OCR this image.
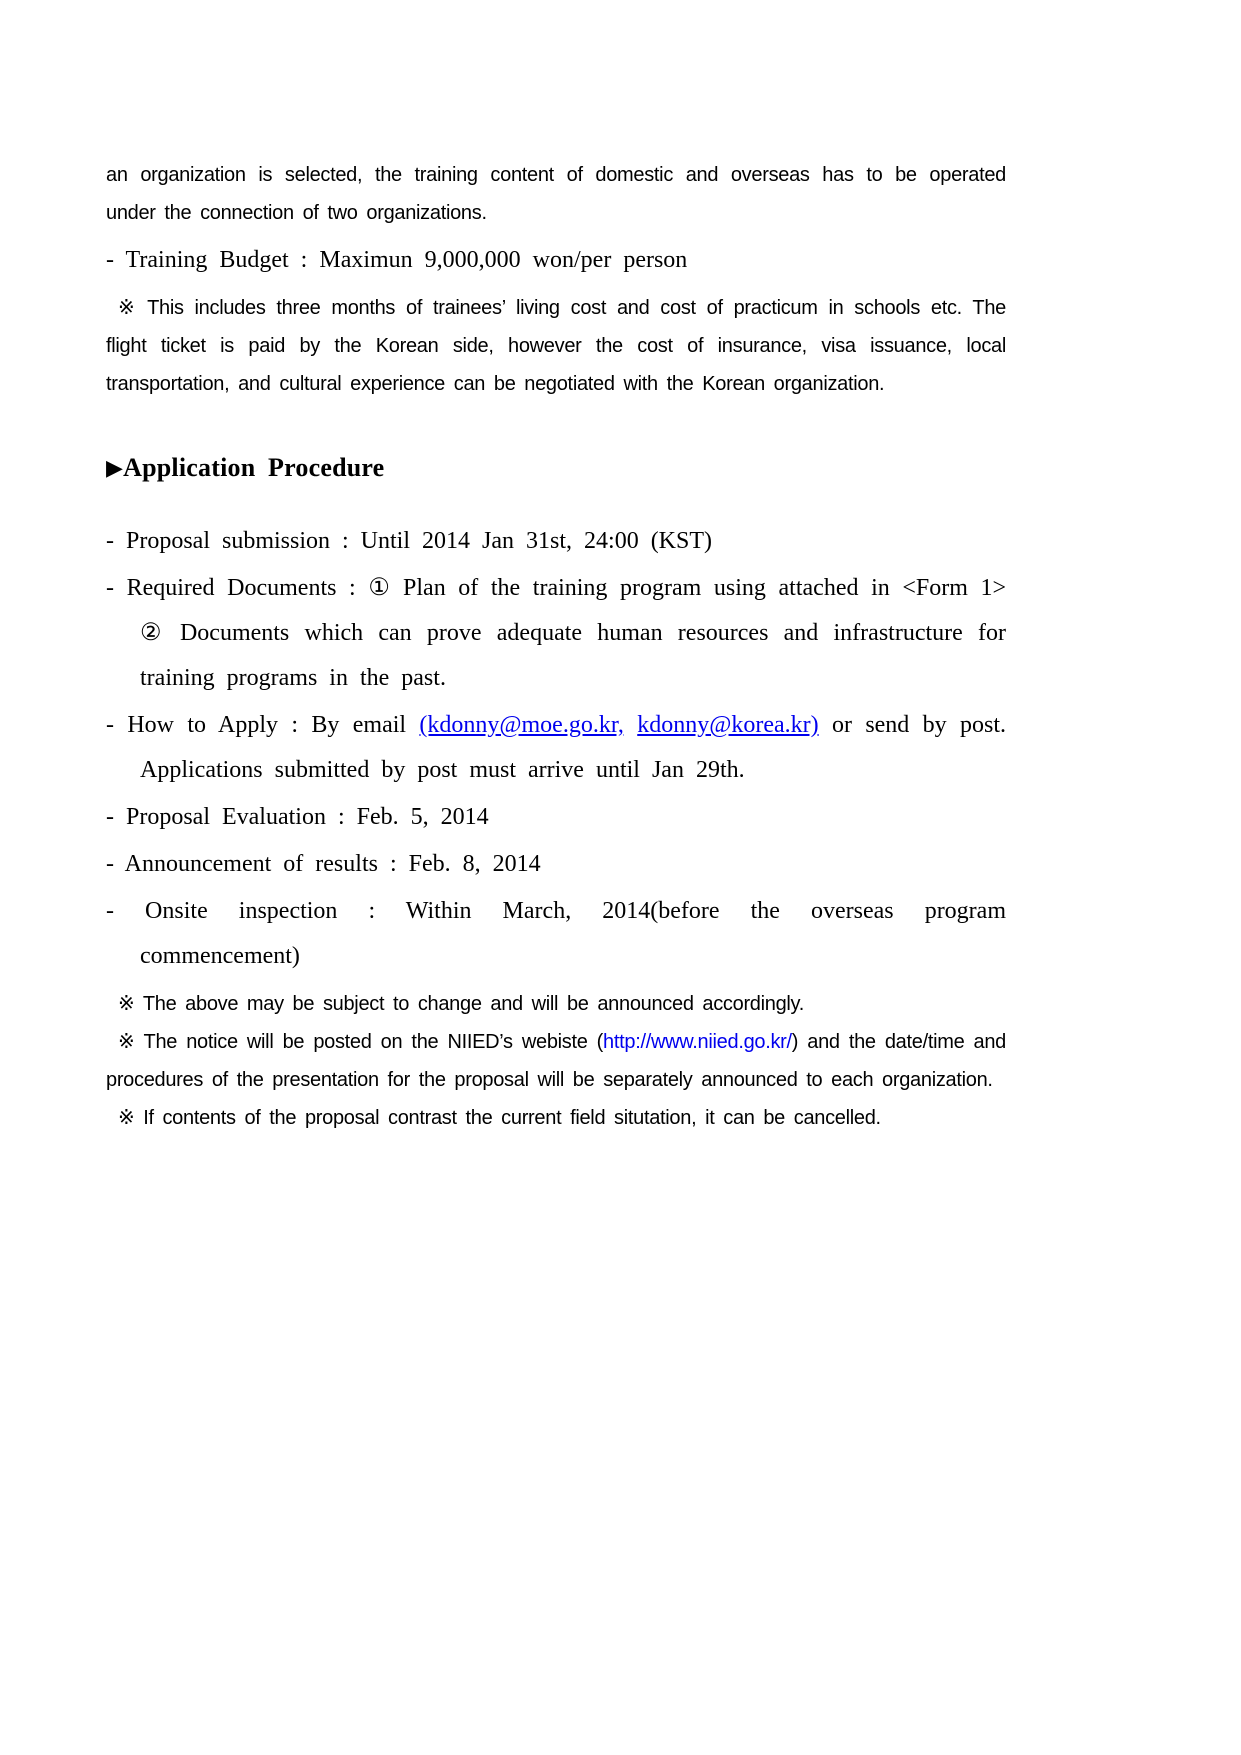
an organization is selected, the training content of domestic and overseas has to be operated under the connection of two organizations.

- Training Budget : Maximun 9,000,000 won/per person

※ This includes three months of trainees’ living cost and cost of practicum in schools etc. The flight ticket is paid by the Korean side, however the cost of insurance, visa issuance, local transportation, and cultural experience can be negotiated with the Korean organization.

▶Application Procedure

- Proposal submission : Until 2014 Jan 31st, 24:00 (KST)

- Required Documents : ① Plan of the training program using attached in <Form 1> ② Documents which can prove adequate human resources and infrastructure for training programs in the past.

- How to Apply : By email (kdonny@moe.go.kr, kdonny@korea.kr) or send by post. Applications submitted by post must arrive until Jan 29th.

- Proposal Evaluation : Feb. 5, 2014

- Announcement of results : Feb. 8, 2014

- Onsite inspection : Within March, 2014(before the overseas program commencement)

※ The above may be subject to change and will be announced accordingly.

※ The notice will be posted on the NIIED’s webiste (http://www.niied.go.kr/) and the date/time and procedures of the presentation for the proposal will be separately announced to each organization.

※ If contents of the proposal contrast the current field situtation, it can be cancelled.
